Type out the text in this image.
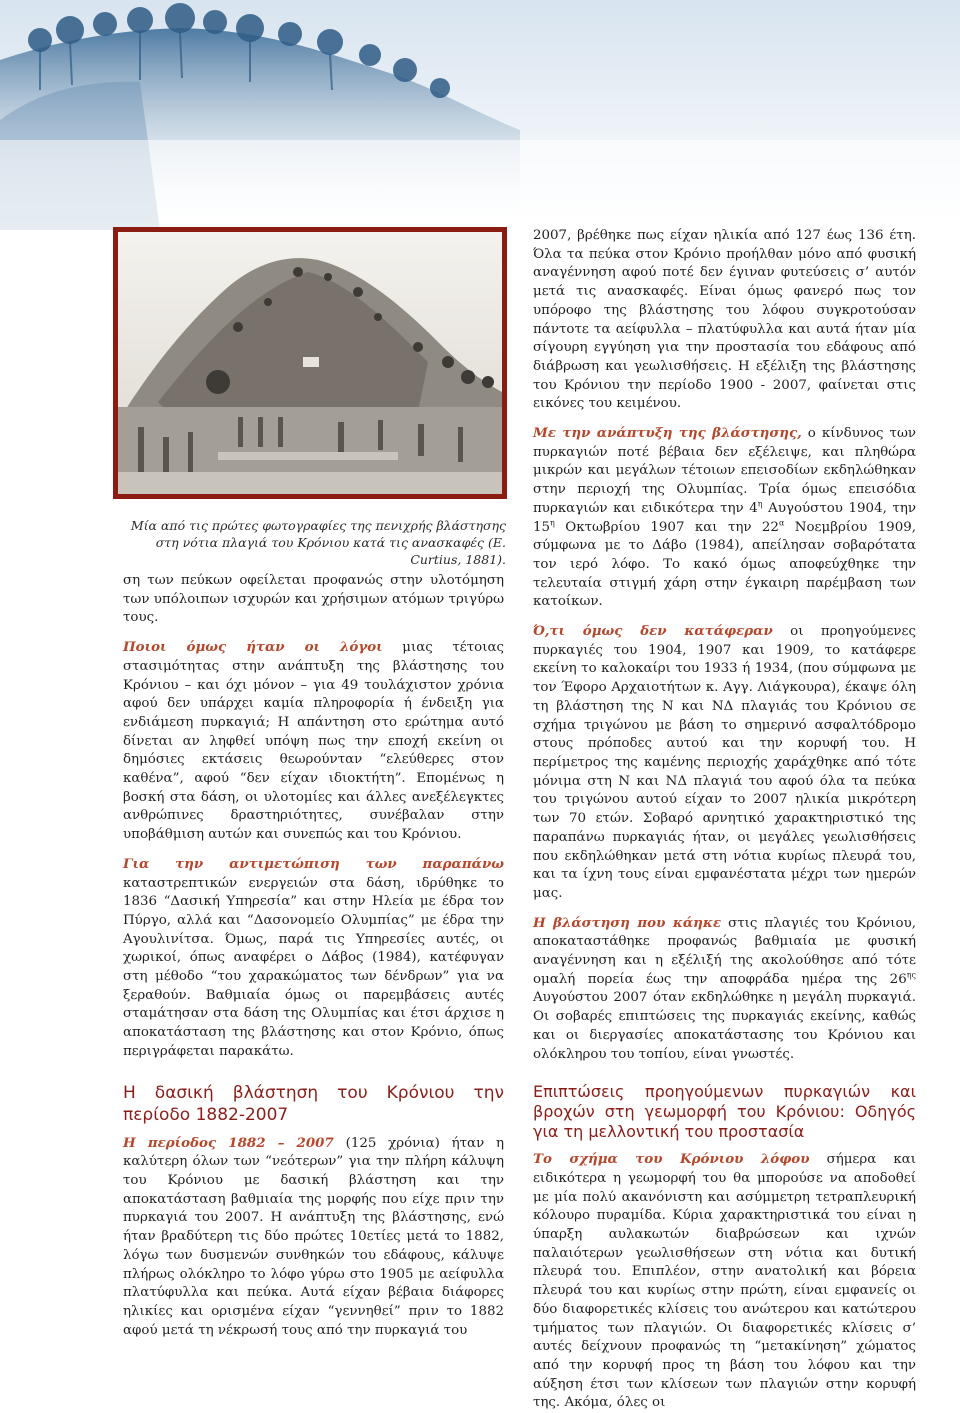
Μία από τις πρώτες φωτογραφίες της πενιχρής βλάστησης στη νότια πλαγιά του Κρόνιου κατά τις ανασκαφές (E. Curtius, 1881).

ση των πεύκων οφείλεται προφανώς στην υλοτόμηση των υπόλοιπων ισχυρών και χρήσιμων ατόμων τριγύρω τους.

Ποιοι όμως ήταν οι λόγοι μιας τέτοιας στασιμότητας στην ανάπτυξη της βλάστησης του Κρόνιου – και όχι μόνον – για 49 τουλάχιστον χρόνια αφού δεν υπάρχει καμία πληροφορία ή ένδειξη για ενδιάμεση πυρκαγιά; Η απάντηση στο ερώτημα αυτό δίνεται αν ληφθεί υπόψη πως την εποχή εκείνη οι δημόσιες εκτάσεις θεωρούνταν “ελεύθερες στον καθένα”, αφού “δεν είχαν ιδιοκτήτη”. Επομένως η βοσκή στα δάση, οι υλοτομίες και άλλες ανεξέλεγκτες ανθρώπινες δραστηριότητες, συνέβαλαν στην υποβάθμιση αυτών και συνεπώς και του Κρόνιου.

Για την αντιμετώπιση των παραπάνω καταστρεπτικών ενεργειών στα δάση, ιδρύθηκε το 1836 “Δασική Υπηρεσία” και στην Ηλεία με έδρα τον Πύργο, αλλά και “Δασονομείο Ολυμπίας” με έδρα την Αγουλινίτσα. Όμως, παρά τις Υπηρεσίες αυτές, οι χωρικοί, όπως αναφέρει ο Δάβος (1984), κατέφυγαν στη μέθοδο “του χαρακώματος των δένδρων” για να ξεραθούν. Βαθμιαία όμως οι παρεμβάσεις αυτές σταμάτησαν στα δάση της Ολυμπίας και έτσι άρχισε η αποκατάσταση της βλάστησης και στον Κρόνιο, όπως περιγράφεται παρακάτω.

Η δασική βλάστηση του Κρόνιου την περίοδο 1882-2007

Η περίοδος 1882 – 2007 (125 χρόνια) ήταν η καλύτερη όλων των “νεότερων” για την πλήρη κάλυψη του Κρόνιου με δασική βλάστηση και την αποκατάσταση βαθμιαία της μορφής που είχε πριν την πυρκαγιά του 2007. Η ανάπτυξη της βλάστησης, ενώ ήταν βραδύτερη τις δύο πρώτες 10ετίες μετά το 1882, λόγω των δυσμενών συνθηκών του εδάφους, κάλυψε πλήρως ολόκληρο το λόφο γύρω στο 1905 με αείφυλλα πλατύφυλλα και πεύκα. Αυτά είχαν βέβαια διάφορες ηλικίες και ορισμένα είχαν “γεννηθεί” πριν το 1882 αφού μετά τη νέκρωσή τους από την πυρκαγιά του

2007, βρέθηκε πως είχαν ηλικία από 127 έως 136 έτη. Όλα τα πεύκα στον Κρόνιο προήλθαν μόνο από φυσική αναγέννηση αφού ποτέ δεν έγιναν φυτεύσεις σ’ αυτόν μετά τις ανασκαφές. Είναι όμως φανερό πως τον υπόροφο της βλάστησης του λόφου συγκροτούσαν πάντοτε τα αείφυλλα – πλατύφυλλα και αυτά ήταν μία σίγουρη εγγύηση για την προστασία του εδάφους από διάβρωση και γεωλισθήσεις. Η εξέλιξη της βλάστησης του Κρόνιου την περίοδο 1900 - 2007, φαίνεται στις εικόνες του κειμένου.

Με την ανάπτυξη της βλάστησης, ο κίνδυνος των πυρκαγιών ποτέ βέβαια δεν εξέλειψε, και πληθώρα μικρών και μεγάλων τέτοιων επεισοδίων εκδηλώθηκαν στην περιοχή της Ολυμπίας. Τρία όμως επεισόδια πυρκαγιών και ειδικότερα την $4^\eta$ Αυγούστου 1904, την $15^\eta$ Οκτωβρίου 1907 και την $22^\alpha$ Νοεμβρίου 1909, σύμφωνα με το Δάβο (1984), απείλησαν σοβαρότατα τον ιερό λόφο. Το κακό όμως αποφεύχθηκε την τελευταία στιγμή χάρη στην έγκαιρη παρέμβαση των κατοίκων.

Ό,τι όμως δεν κατάφεραν οι προηγούμενες πυρκαγιές του 1904, 1907 και 1909, το κατάφερε εκείνη το καλοκαίρι του 1933 ή 1934, (που σύμφωνα με τον Έφορο Αρχαιοτήτων κ. Αγγ. Λιάγκουρα), έκαψε όλη τη βλάστηση της Ν και ΝΔ πλαγιάς του Κρόνιου σε σχήμα τριγώνου με βάση το σημερινό ασφαλτόδρομο στους πρόποδες αυτού και την κορυφή του. Η περίμετρος της καμένης περιοχής χαράχθηκε από τότε μόνιμα στη Ν και ΝΔ πλαγιά του αφού όλα τα πεύκα του τριγώνου αυτού είχαν το 2007 ηλικία μικρότερη των 70 ετών. Σοβαρό αρνητικό χαρακτηριστικό της παραπάνω πυρκαγιάς ήταν, οι μεγάλες γεωλισθήσεις που εκδηλώθηκαν μετά στη νότια κυρίως πλευρά του, και τα ίχνη τους είναι εμφανέστατα μέχρι των ημερών μας.

Η βλάστηση που κάηκε στις πλαγιές του Κρόνιου, αποκαταστάθηκε προφανώς βαθμιαία με φυσική αναγέννηση και η εξέλιξή της ακολούθησε από τότε ομαλή πορεία έως την αποφράδα ημέρα της $26^{\eta\varsigma}$ Αυγούστου 2007 όταν εκδηλώθηκε η μεγάλη πυρκαγιά. Οι σοβαρές επιπτώσεις της πυρκαγιάς εκείνης, καθώς και οι διεργασίες αποκατάστασης του Κρόνιου και ολόκληρου του τοπίου, είναι γνωστές.

Επιπτώσεις προηγούμενων πυρκαγιών και βροχών στη γεωμορφή του Κρόνιου: Οδηγός για τη μελλοντική του προστασία

Το σχήμα του Κρόνιου λόφου σήμερα και ειδικότερα η γεωμορφή του θα μπορούσε να αποδοθεί με μία πολύ ακανόνιστη και ασύμμετρη τετραπλευρική κόλουρο πυραμίδα. Κύρια χαρακτηριστικά του είναι η ύπαρξη αυλακωτών διαβρώσεων και ιχνών παλαιότερων γεωλισθήσεων στη νότια και δυτική πλευρά του. Επιπλέον, στην ανατολική και βόρεια πλευρά του και κυρίως στην πρώτη, είναι εμφανείς οι δύο διαφορετικές κλίσεις του ανώτερου και κατώτερου τμήματος των πλαγιών. Οι διαφορετικές κλίσεις σ’ αυτές δείχνουν προφανώς τη “μετακίνηση” χώματος από την κορυφή προς τη βάση του λόφου και την αύξηση έτσι των κλίσεων των πλαγιών στην κορυφή της. Ακόμα, όλες οι
